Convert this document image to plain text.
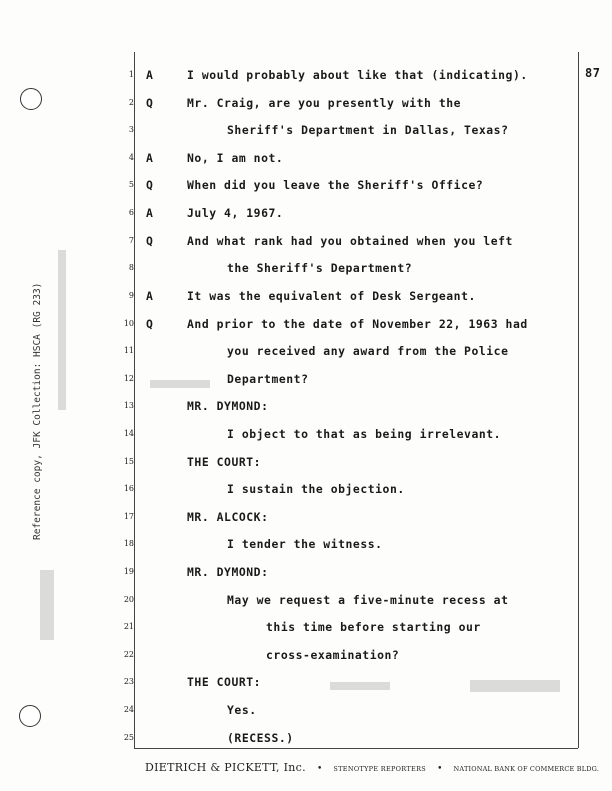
Reference copy, JFK Collection: HSCA (RG 233)
87
1
2
3
4
5
6
7
8
9
10
11
12
13
14
15
16
17
18
19
20
21
22
23
24
25
A
Q
A
Q
A
Q
A
Q
I would probably about like that (indicating).
Mr. Craig, are you presently with the
Sheriff's Department in Dallas, Texas?
No, I am not.
When did you leave the Sheriff's Office?
July 4, 1967.
And what rank had you obtained when you left
the Sheriff's Department?
It was the equivalent of Desk Sergeant.
And prior to the date of November 22, 1963 had
you received any award from the Police
Department?
MR. DYMOND:
I object to that as being irrelevant.
THE COURT:
I sustain the objection.
MR. ALCOCK:
I tender the witness.
MR. DYMOND:
May we request a five-minute recess at
this time before starting our
cross-examination?
THE COURT:
Yes.
(RECESS.)
DIETRICH & PICKETT, Inc. • STENOTYPE REPORTERS • NATIONAL BANK OF COMMERCE BLDG.
